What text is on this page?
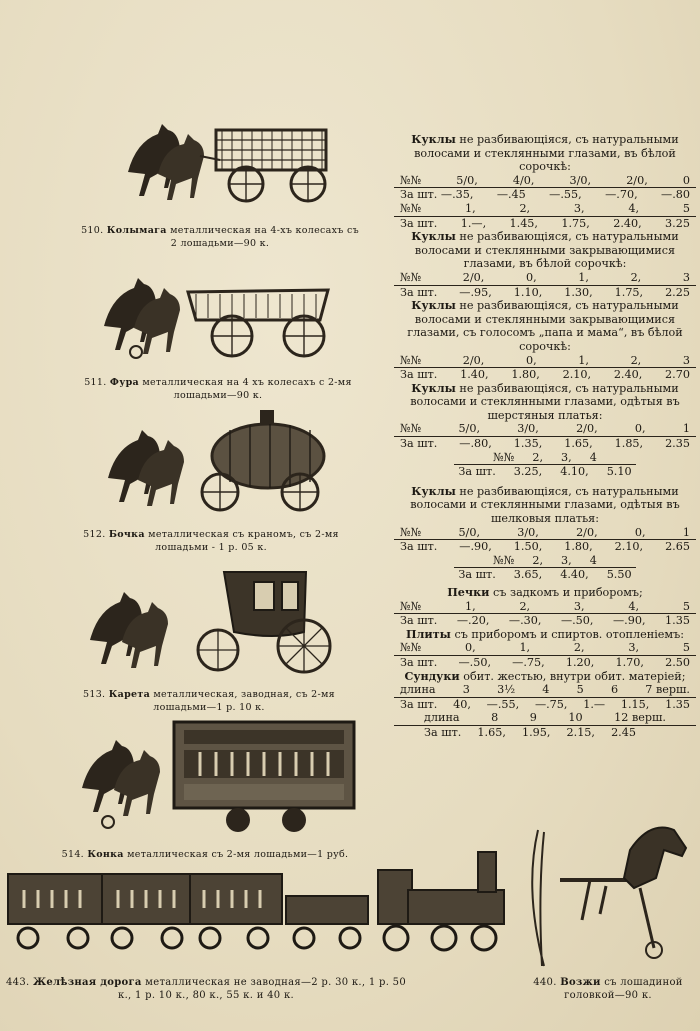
510. Колымага металлическая на 4-хъ колесахъ съ 2 лошадьми—90 к.
511. Фура металлическая на 4 хъ колесахъ с 2-мя лошадьми—90 к.
512. Бочка металлическая съ краномъ, съ 2-мя лошадьми - 1 р. 05 к.
513. Карета металлическая, заводная, съ 2-мя лошадьми—1 р. 10 к.
514. Конка металлическая съ 2-мя лошадьми—1 руб.
443. Желѣзная дорога металлическая не заводная—2 р. 30 к., 1 р. 50 к., 1 р. 10 к., 80 к., 55 к. и 40 к.
440. Возжи съ лошадиной головкой—90 к.
Куклы не разбивающiяся, съ натуральными волосами и стеклянными глазами, въ бѣлой сорочкѣ:
№№	5/0,	4/0,	3/0,	2/0,	0
За шт. —.35, —.45 —.55, —.70, —.80
№№	1,	2,	3,	4,	5
За шт. 1.—, 1.45, 1.75, 2.40, 3.25
Куклы не разбивающiяся, съ натуральными волосами и стеклянными закрывающимися глазами, въ бѣлой сорочкѣ:
№№	2/0,	0,	1,	2,	3
За шт. —.95, 1.10, 1.30, 1.75, 2.25
Куклы не разбивающiяся, съ натуральными волосами и стеклянными закрывающимися глазами, съ голосомъ „папа и мама“, въ бѣлой сорочкѣ:
№№	2/0,	0,	1,	2,	3
За шт. 1.40, 1.80, 2.10, 2.40, 2.70
Куклы не разбивающiяся, съ натуральными волосами и стеклянными глазами, одѣтыя въ шерстяныя платья:
№№	5/0,	3/0,	2/0,	0,	1
За шт. —.80, 1.35, 1.65, 1.85, 2.35
№№ 2, 3, 4
За шт. 3.25, 4.10, 5.10
Куклы не разбивающiяся, съ натуральными волосами и стеклянными глазами, одѣтыя въ шелковыя платья:
№№	5/0,	3/0,	2/0,	0,	1
За шт. —.90, 1.50, 1.80, 2.10, 2.65
№№ 2, 3, 4
За шт. 3.65, 4.40, 5.50
Печки съ задкомъ и приборомъ;
№№	1,	2,	3,	4,	5
За шт. —.20, —.30, —.50, —.90, 1.35
Плиты съ приборомъ и спиртов. отопленiемъ:
№№	0,	1,	2,	3,	5
За шт. —.50, —.75, 1.20, 1.70, 2.50
Сундуки обит. жестью, внутри обит. матерiей;
длина 3 3½ 4 5 6 7 верш.
За шт. 40, —.55, —.75, 1.— 1.15, 1.35
длина	8	9	10	12 верш.
За шт. 1.65, 1.95, 2.15, 2.45
